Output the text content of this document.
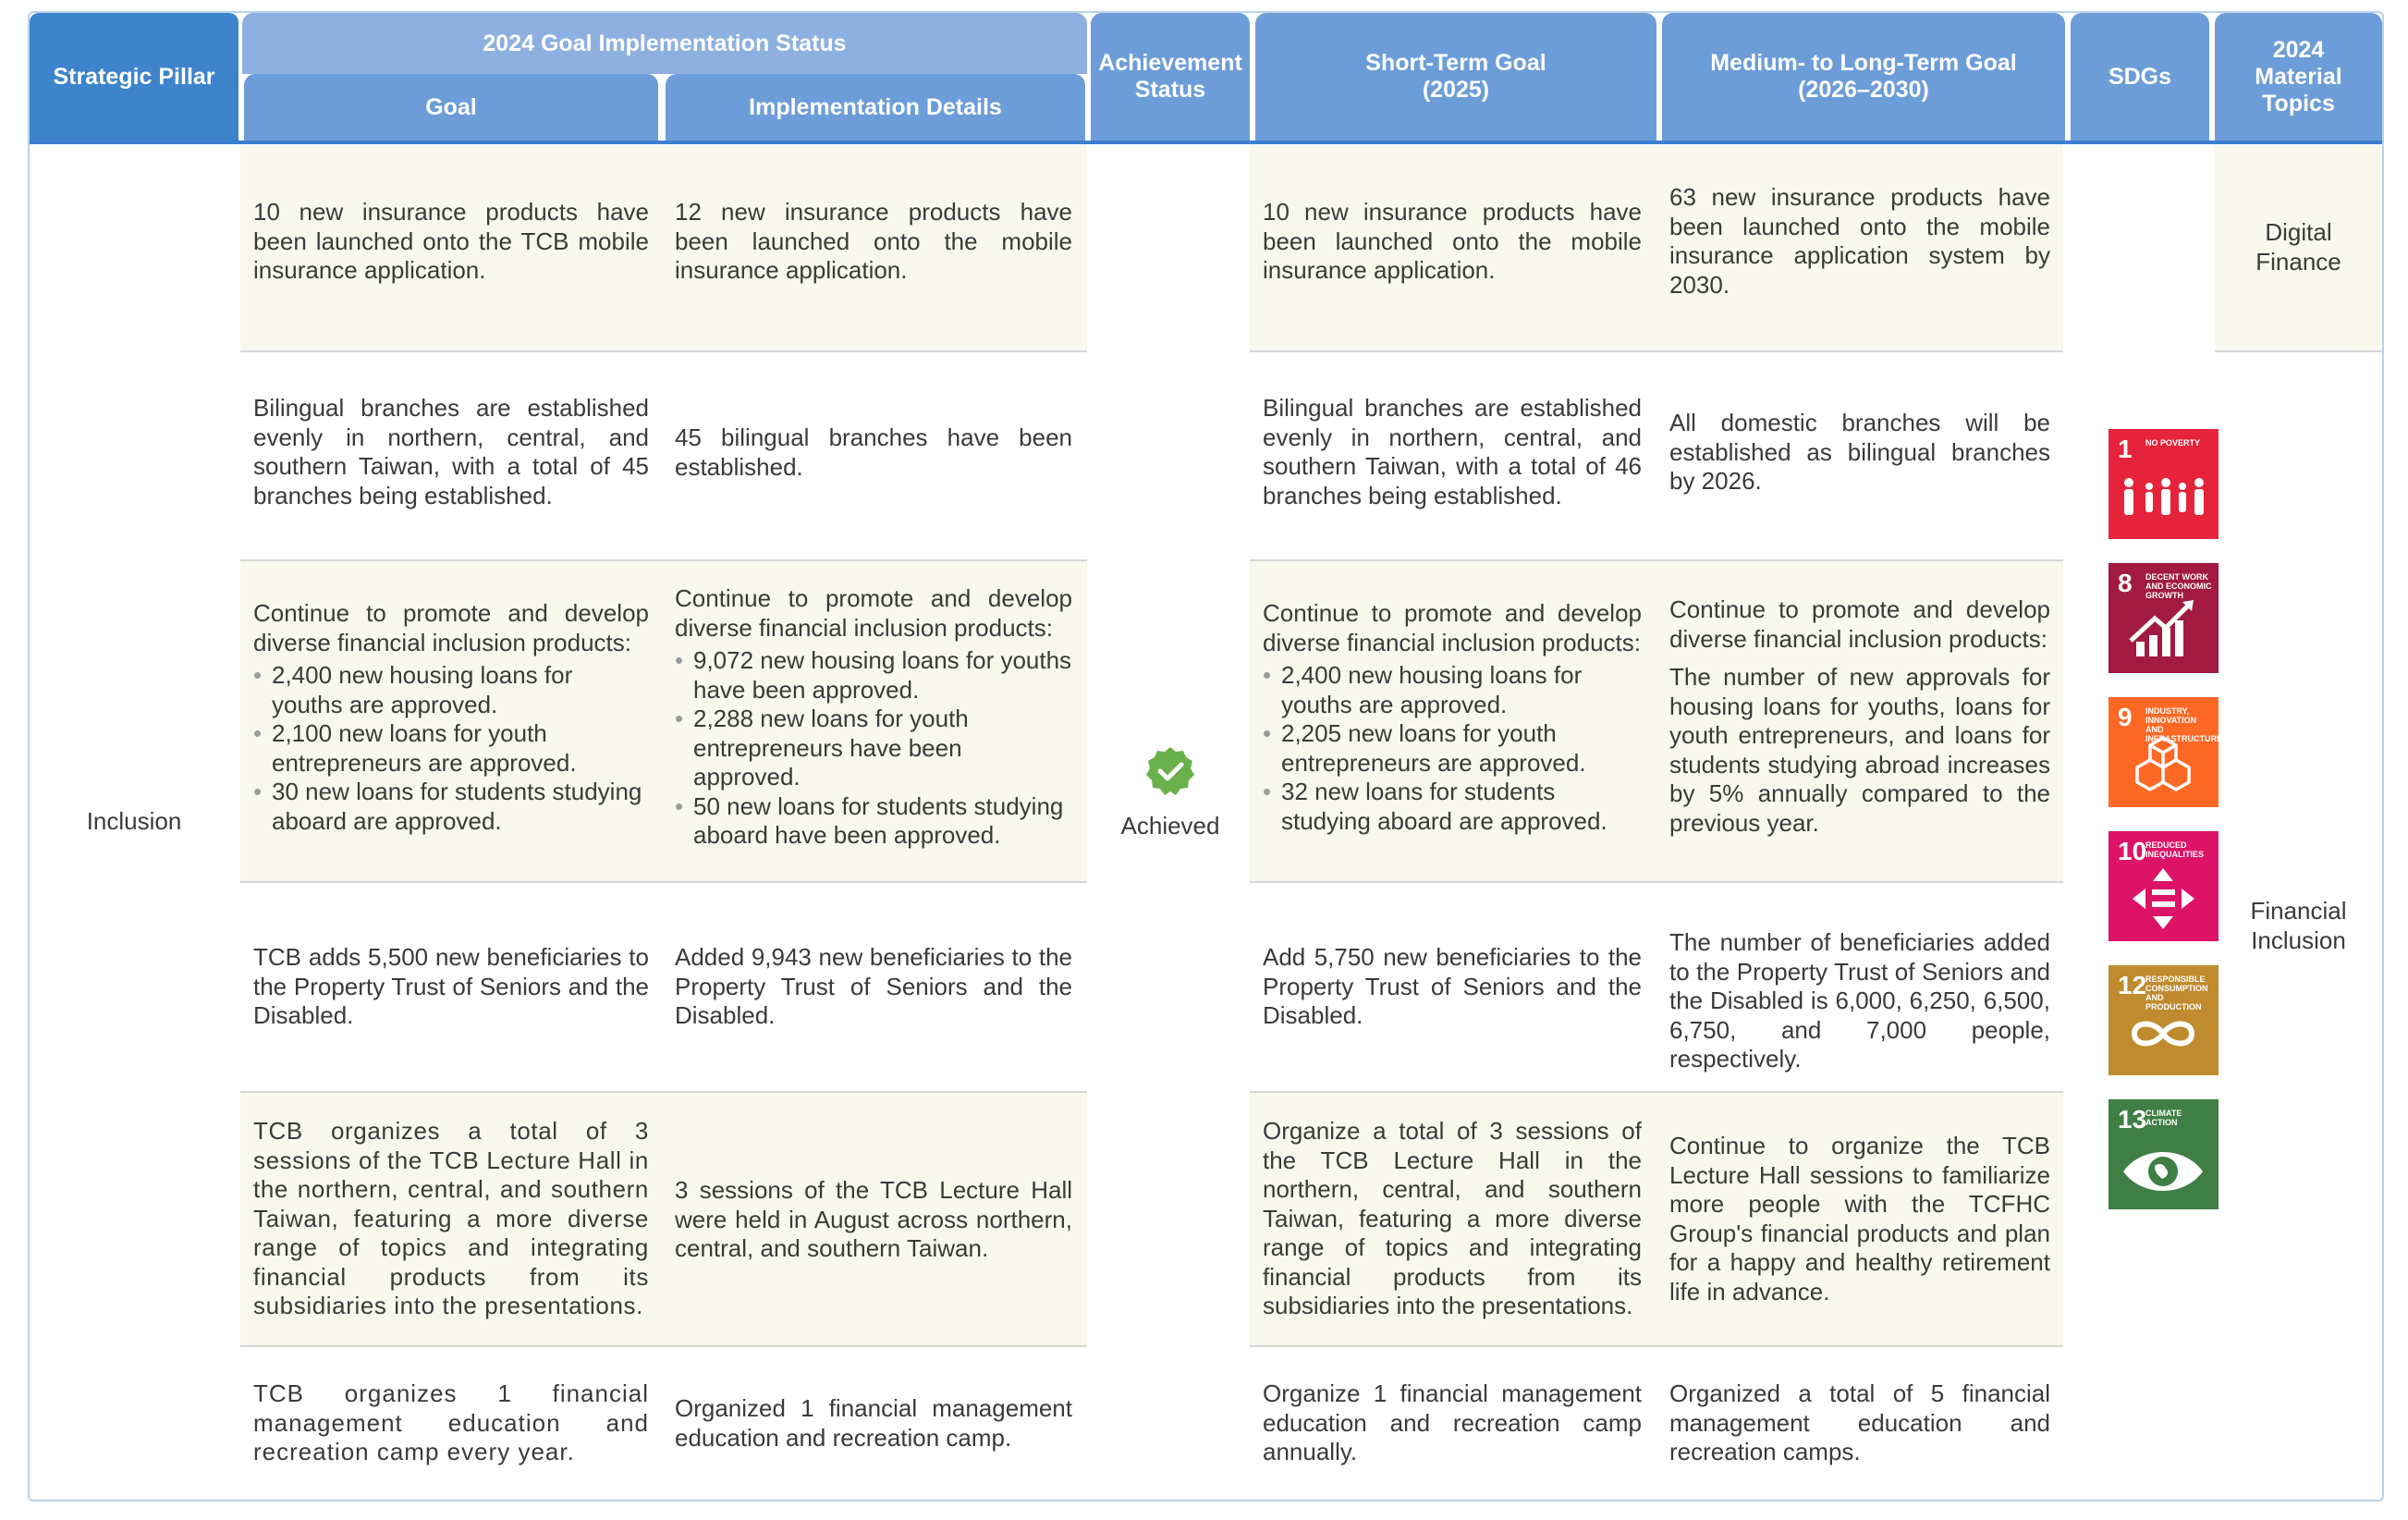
Strategic Pillar
2024 Goal Implementation Status
Goal	Implementation Details
Achievement Status
Short-Term Goal (2025)
Medium- to Long-Term Goal (2026–2030)
SDGs
2024 Material Topics
Inclusion
10 new insurance products have been launched onto the TCB mobile insurance application.
12 new insurance products have been launched onto the mobile insurance application.
10 new insurance products have been launched onto the mobile insurance application.
63 new insurance products have been launched onto the mobile insurance application system by 2030.
Bilingual branches are established evenly in northern, central, and southern Taiwan, with a total of 45 branches being established.
45 bilingual branches have been established.
Bilingual branches are established evenly in northern, central, and southern Taiwan, with a total of 46 branches being established.
All domestic branches will be established as bilingual branches by 2026.
Continue to promote and develop diverse financial inclusion products:
• 2,400 new housing loans for youths are approved.
• 2,100 new loans for youth entrepreneurs are approved.
• 30 new loans for students studying aboard are approved.
Continue to promote and develop diverse financial inclusion products:
• 9,072 new housing loans for youths have been approved.
• 2,288 new loans for youth entrepreneurs have been approved.
• 50 new loans for students studying aboard have been approved.
Continue to promote and develop diverse financial inclusion products:
• 2,400 new housing loans for youths are approved.
• 2,205 new loans for youth entrepreneurs are approved.
• 32 new loans for students studying aboard are approved.

Continue to promote and develop diverse financial inclusion products:

The number of new approvals for housing loans for youths, loans for youth entrepreneurs, and loans for students studying abroad increases by 5% annually compared to the previous year.
TCB adds 5,500 new beneficiaries to the Property Trust of Seniors and the Disabled.
Added 9,943 new beneficiaries to the Property Trust of Seniors and the Disabled.
Add 5,750 new beneficiaries to the Property Trust of Seniors and the Disabled.
The number of beneficiaries added to the Property Trust of Seniors and the Disabled is 6,000, 6,250, 6,500, 6,750, and 7,000 people, respectively.
TCB organizes a total of 3 sessions of the TCB Lecture Hall in the northern, central, and southern Taiwan, featuring a more diverse range of topics and integrating financial products from its subsidiaries into the presentations.
3 sessions of the TCB Lecture Hall were held in August across northern, central, and southern Taiwan.
Organize a total of 3 sessions of the TCB Lecture Hall in the northern, central, and southern Taiwan, featuring a more diverse range of topics and integrating financial products from its subsidiaries into the presentations.
Continue to organize the TCB Lecture Hall sessions to familiarize more people with the TCFHC Group's financial products and plan for a happy and healthy retirement life in advance.
TCB organizes 1 financial management education and recreation camp every year.
Organized 1 financial management education and recreation camp.
Organize 1 financial management education and recreation camp annually.
Organized a total of 5 financial management education and recreation camps.
Achieved
1 NO POVERTY
8 DECENT WORK AND ECONOMIC GROWTH
9 INDUSTRY, INNOVATION AND INFRASTRUCTURE
10
REDUCED INEQUALITIES
12
RESPONSIBLE CONSUMPTION AND PRODUCTION
13
CLIMATE ACTION
Digital Finance
Financial Inclusion
